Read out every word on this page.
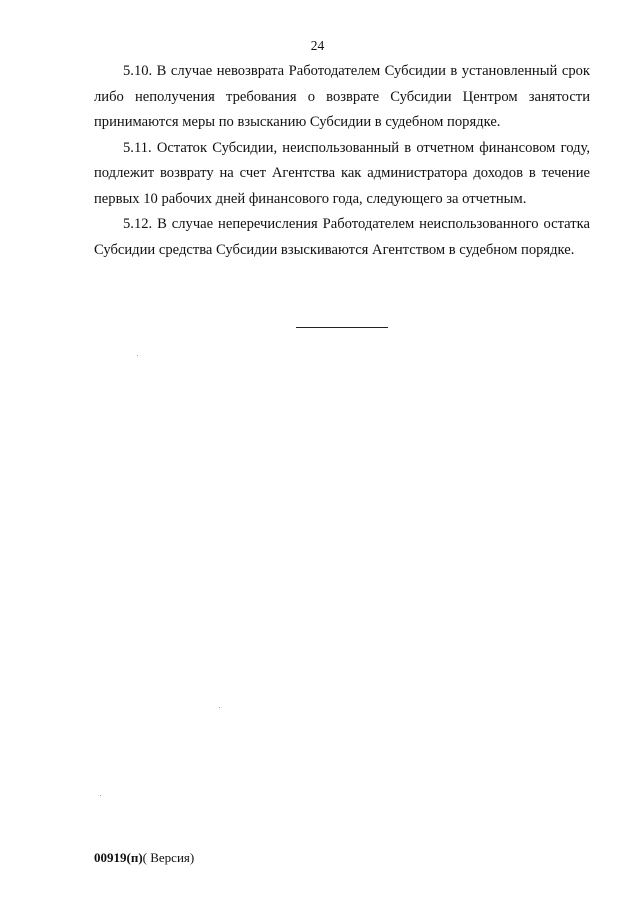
24

5.10. В случае невозврата Работодателем Субсидии в установленный срок либо неполучения требования о возврате Субсидии Центром занятости принимаются меры по взысканию Субсидии в судебном порядке.

5.11. Остаток Субсидии, неиспользованный в отчетном финансовом году, подлежит возврату на счет Агентства как администратора доходов в течение первых 10 рабочих дней финансового года, следующего за отчетным.

5.12. В случае неперечисления Работодателем неиспользованного остатка Субсидии средства Субсидии взыскиваются Агентством в судебном порядке.

00919(п)( Версия)
